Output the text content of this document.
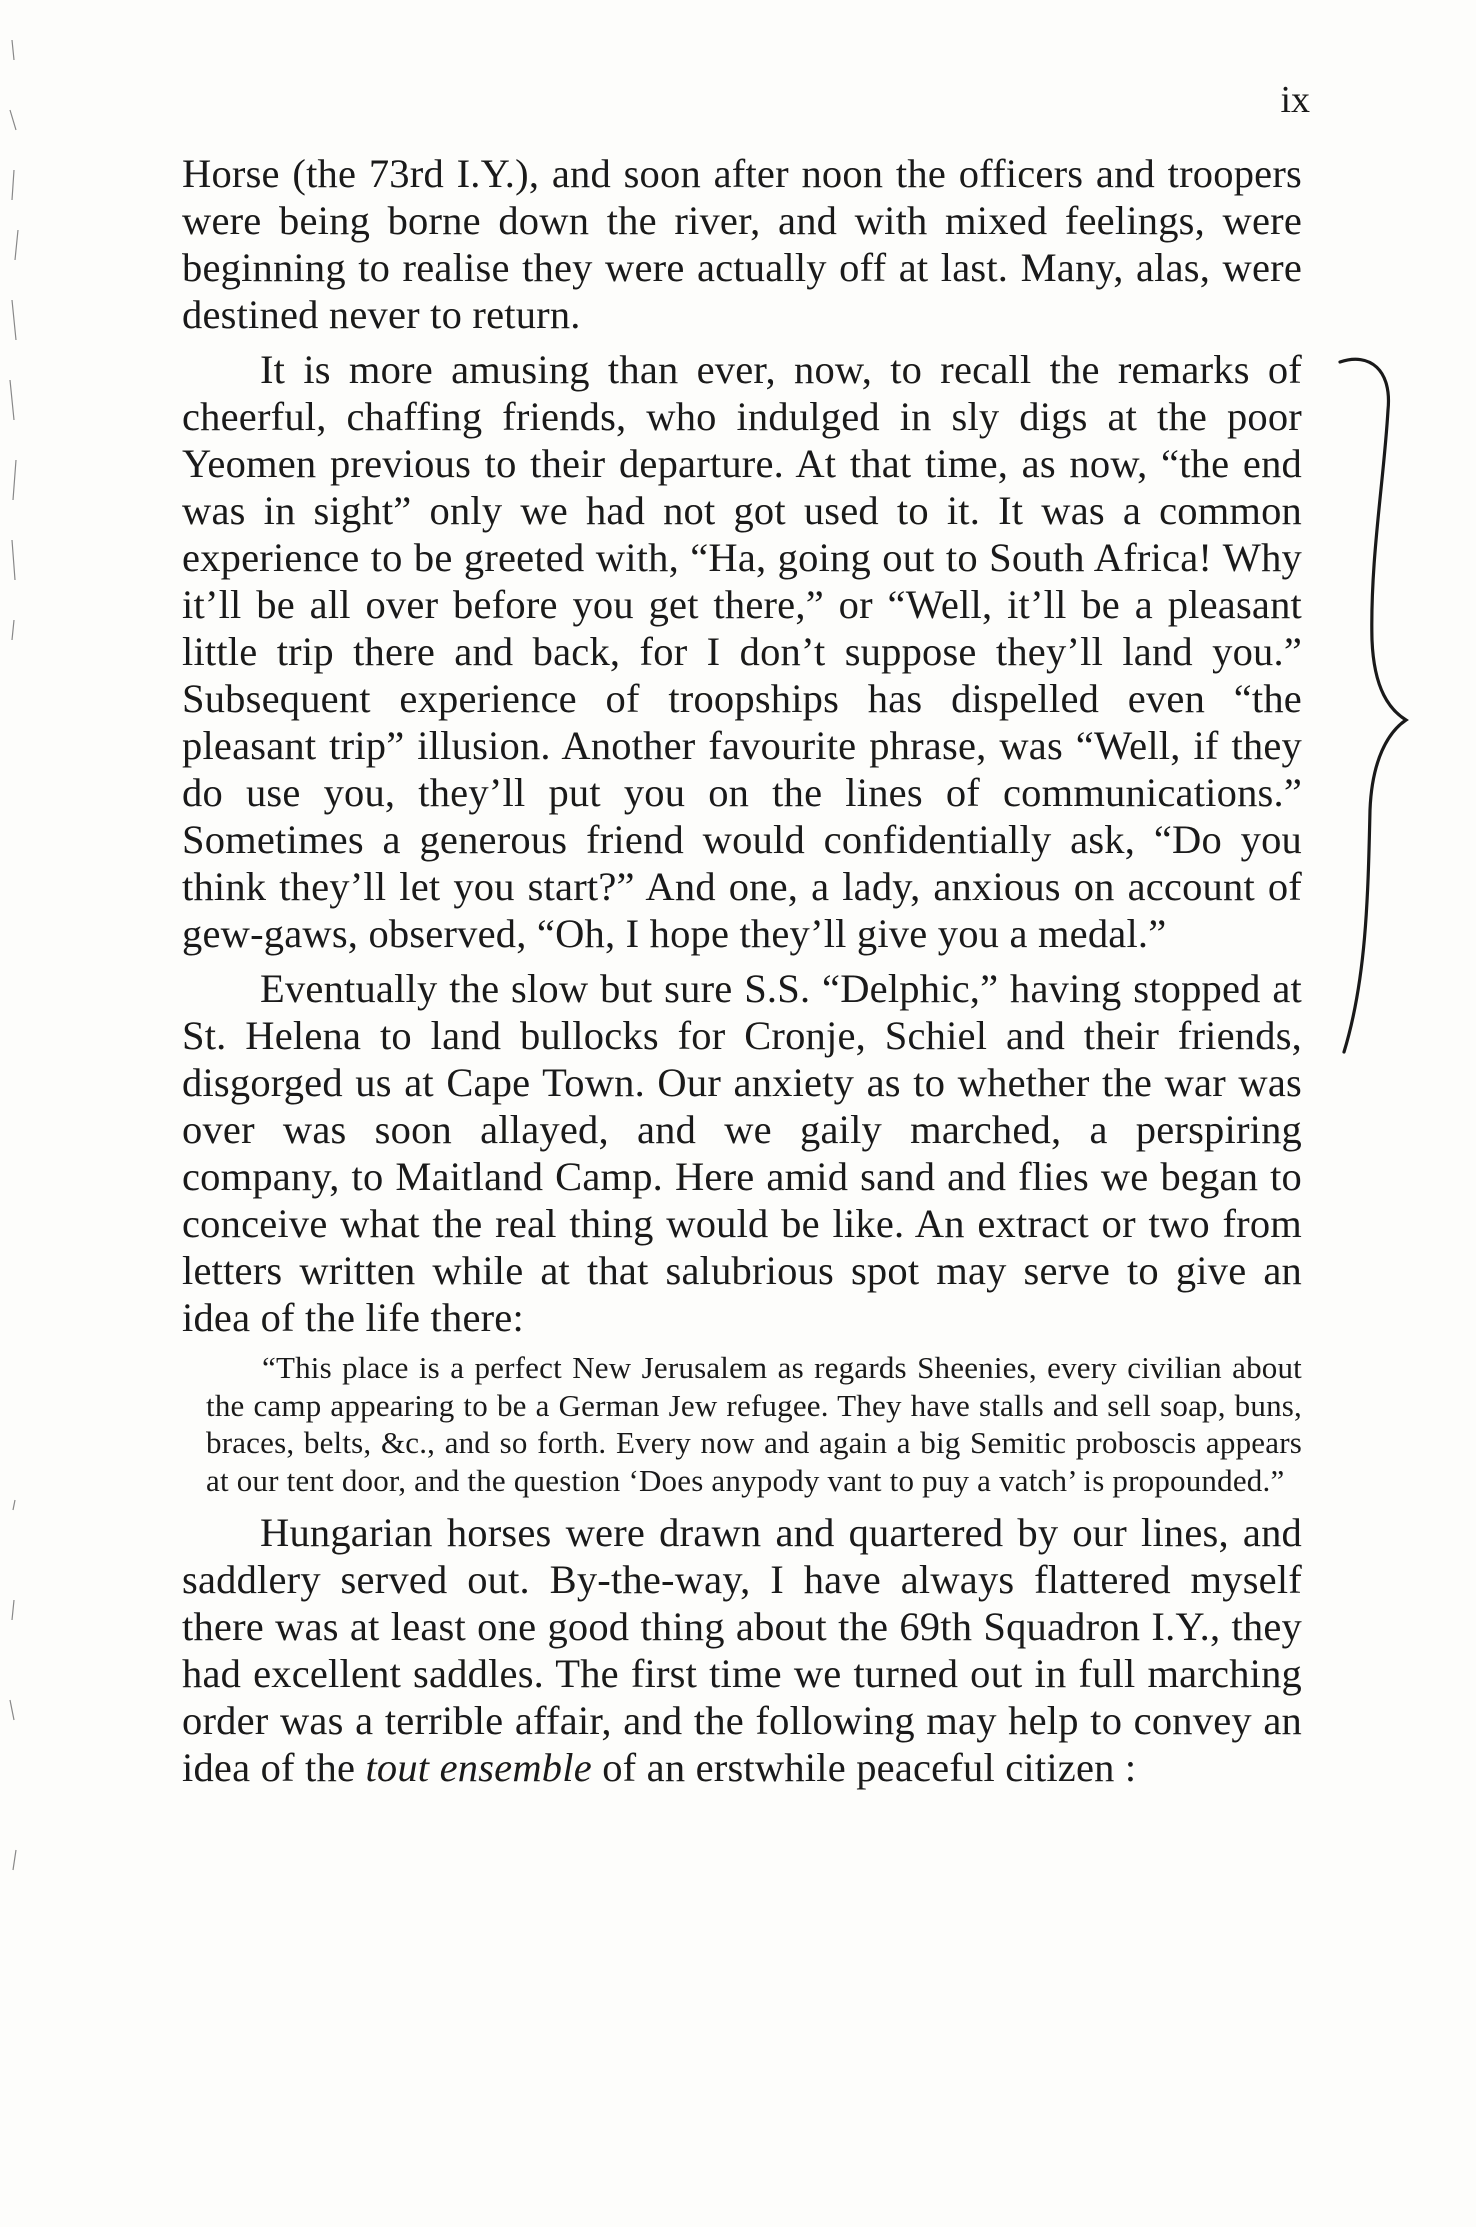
ix

Horse (the 73rd I.Y.), and soon after noon the officers and troopers were being borne down the river, and with mixed feelings, were beginning to realise they were actually off at last. Many, alas, were destined never to return.

It is more amusing than ever, now, to recall the remarks of cheerful, chaffing friends, who indulged in sly digs at the poor Yeomen previous to their departure. At that time, as now, “the end was in sight” only we had not got used to it. It was a common experience to be greeted with, “Ha, going out to South Africa! Why it’ll be all over before you get there,” or “Well, it’ll be a pleasant little trip there and back, for I don’t suppose they’ll land you.” Subsequent experience of troopships has dispelled even “the pleasant trip” illusion. Another favourite phrase, was “Well, if they do use you, they’ll put you on the lines of communications.” Sometimes a generous friend would confidentially ask, “Do you think they’ll let you start?” And one, a lady, anxious on account of gew-gaws, observed, “Oh, I hope they’ll give you a medal.”

Eventually the slow but sure S.S. “Delphic,” having stopped at St. Helena to land bullocks for Cronje, Schiel and their friends, disgorged us at Cape Town. Our anxiety as to whether the war was over was soon allayed, and we gaily marched, a perspiring company, to Maitland Camp. Here amid sand and flies we began to conceive what the real thing would be like. An extract or two from letters written while at that salubrious spot may serve to give an idea of the life there:

“This place is a perfect New Jerusalem as regards Sheenies, every civilian about the camp appearing to be a German Jew refugee. They have stalls and sell soap, buns, braces, belts, &c., and so forth. Every now and again a big Semitic proboscis appears at our tent door, and the question ‘Does anypody vant to puy a vatch’ is propounded.”

Hungarian horses were drawn and quartered by our lines, and saddlery served out. By-the-way, I have always flattered myself there was at least one good thing about the 69th Squadron I.Y., they had excellent saddles. The first time we turned out in full marching order was a terrible affair, and the following may help to convey an idea of the tout ensemble of an erstwhile peaceful citizen :
